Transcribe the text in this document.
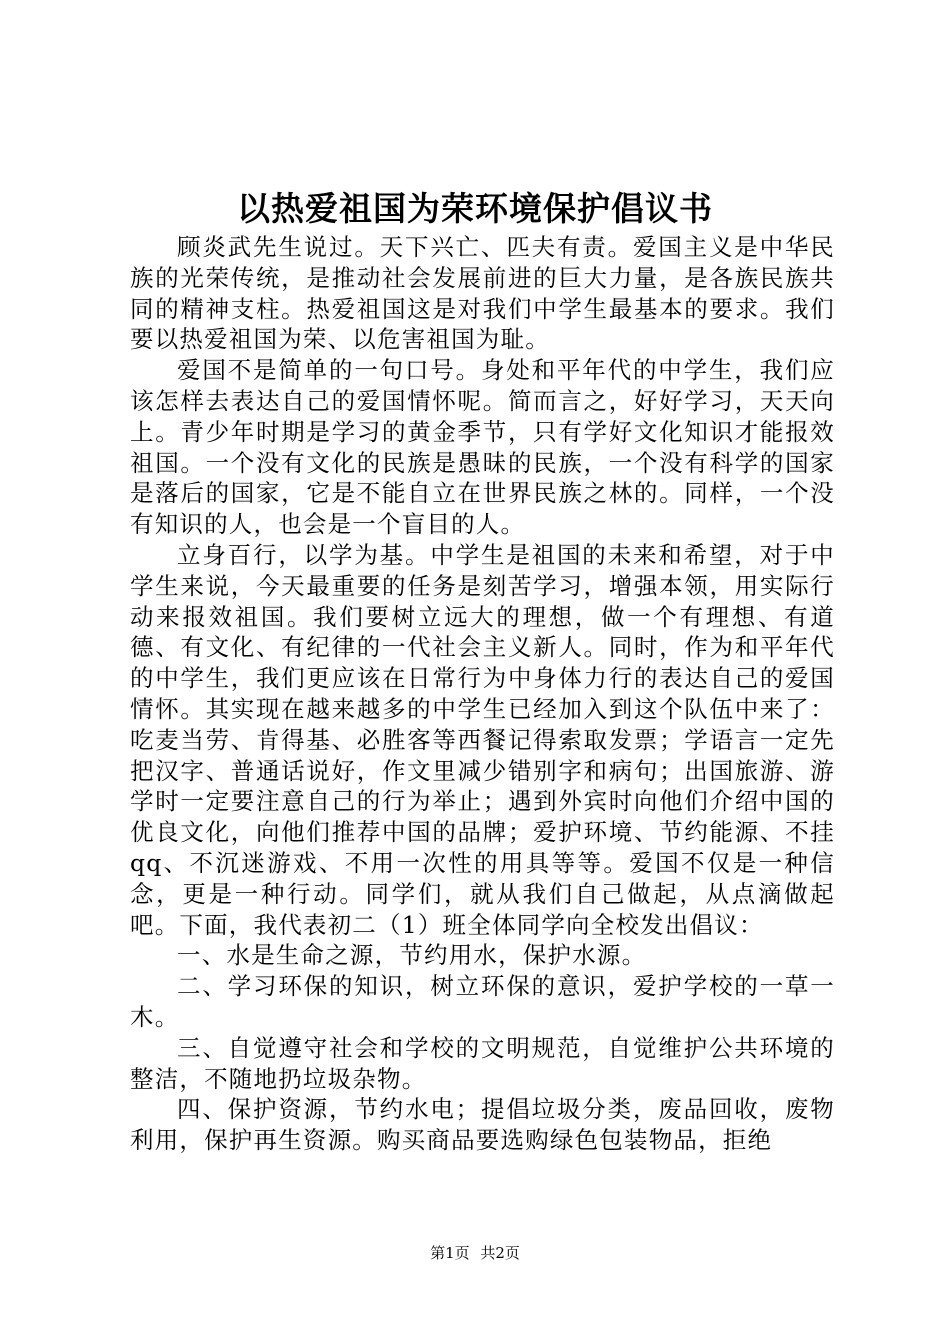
以热爱祖国为荣环境保护倡议书

顾炎武先生说过。天下兴亡、匹夫有责。爱国主义是中华民族的光荣传统，是推动社会发展前进的巨大力量，是各族民族共同的精神支柱。热爱祖国这是对我们中学生最基本的要求。我们要以热爱祖国为荣、以危害祖国为耻。

爱国不是简单的一句口号。身处和平年代的中学生，我们应该怎样去表达自己的爱国情怀呢。简而言之，好好学习，天天向上。青少年时期是学习的黄金季节，只有学好文化知识才能报效祖国。一个没有文化的民族是愚昧的民族，一个没有科学的国家是落后的国家，它是不能自立在世界民族之林的。同样，一个没有知识的人，也会是一个盲目的人。

立身百行，以学为基。中学生是祖国的未来和希望，对于中学生来说，今天最重要的任务是刻苦学习，增强本领，用实际行动来报效祖国。我们要树立远大的理想，做一个有理想、有道德、有文化、有纪律的一代社会主义新人。同时，作为和平年代的中学生，我们更应该在日常行为中身体力行的表达自己的爱国情怀。其实现在越来越多的中学生已经加入到这个队伍中来了：吃麦当劳、肯得基、必胜客等西餐记得索取发票；学语言一定先把汉字、普通话说好，作文里减少错别字和病句；出国旅游、游学时一定要注意自己的行为举止；遇到外宾时向他们介绍中国的优良文化，向他们推荐中国的品牌；爱护环境、节约能源、不挂qq、不沉迷游戏、不用一次性的用具等等。爱国不仅是一种信念，更是一种行动。同学们，就从我们自己做起，从点滴做起吧。下面，我代表初二（1）班全体同学向全校发出倡议：

一、水是生命之源，节约用水，保护水源。

二、学习环保的知识，树立环保的意识，爱护学校的一草一木。

三、自觉遵守社会和学校的文明规范，自觉维护公共环境的整洁，不随地扔垃圾杂物。

四、保护资源，节约水电；提倡垃圾分类，废品回收，废物利用，保护再生资源。购买商品要选购绿色包装物品，拒绝

第1页 共2页
